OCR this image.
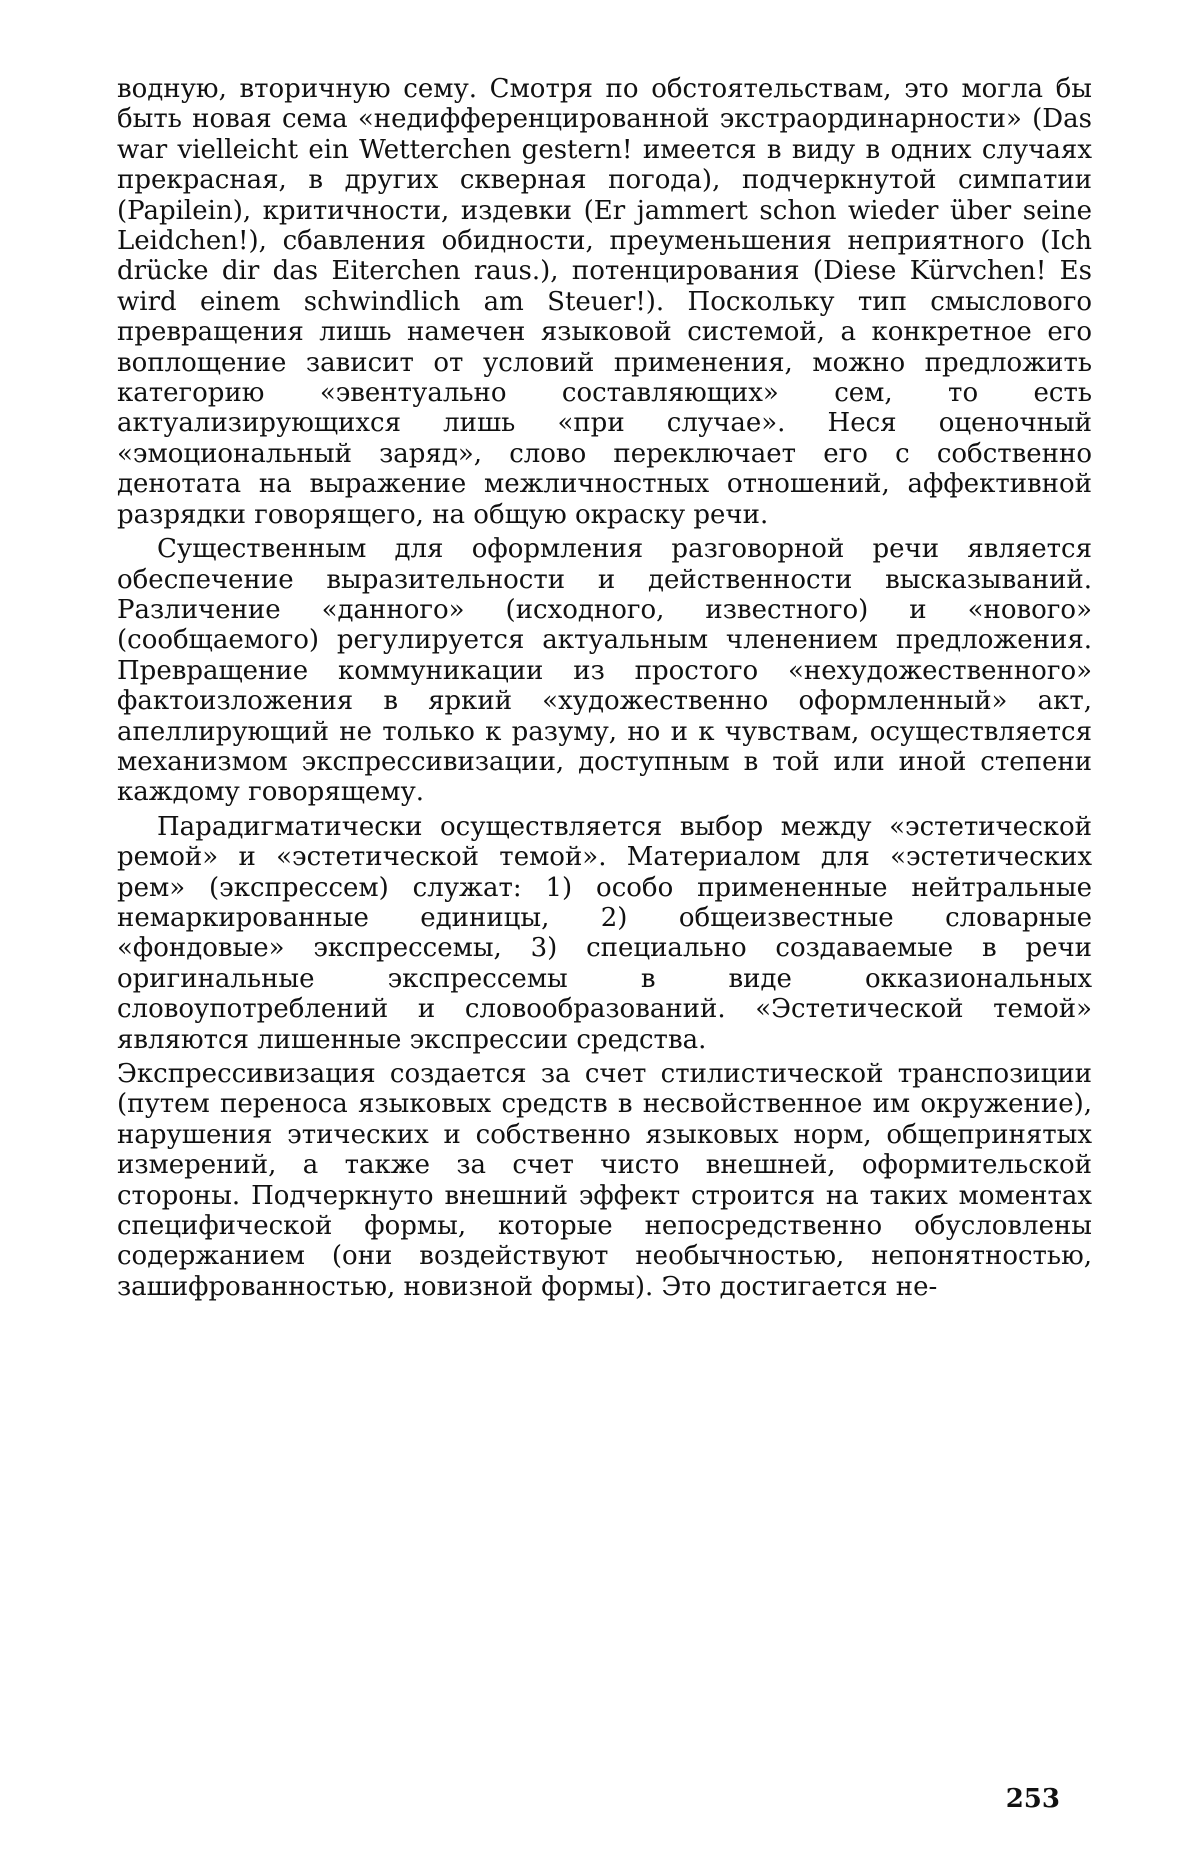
водную, вторичную сему. Смотря по обстоятельствам, это могла бы быть новая сема «недифференцированной экстраординарности» (Das war vielleicht ein Wetterchen gestern! имеется в виду в одних случаях прекрасная, в других скверная погода), подчеркнутой симпатии (Papilein), критичности, издевки (Er jammert schon wieder über seine Leidchen!), сбавления обидности, преуменьшения неприятного (Ich drücke dir das Eiterchen raus.), потенцирования (Diese Kürvchen! Es wird einem schwindlich am Steuer!). Поскольку тип смыслового превращения лишь намечен языковой системой, а конкретное его воплощение зависит от условий применения, можно предложить категорию «эвентуально составляющих» сем, то есть актуализирующихся лишь «при случае». Неся оценочный «эмоциональный заряд», слово переключает его с собственно денотата на выражение межличностных отношений, аффективной разрядки говорящего, на общую окраску речи.

Существенным для оформления разговорной речи является обеспечение выразительности и действенности высказываний. Различение «данного» (исходного, известного) и «нового» (сообщаемого) регулируется актуальным членением предложения. Превращение коммуникации из простого «нехудожественного» фактоизложения в яркий «художественно оформленный» акт, апеллирующий не только к разуму, но и к чувствам, осуществляется механизмом экспрессивизации, доступным в той или иной степени каждому говорящему.

Парадигматически осуществляется выбор между «эстетической ремой» и «эстетической темой». Материалом для «эстетических рем» (экспрессем) служат: 1) особо примененные нейтральные немаркированные единицы, 2) общеизвестные словарные «фондовые» экспрессемы, 3) специально создаваемые в речи оригинальные экспрессемы в виде окказиональных словоупотреблений и словообразований. «Эстетической темой» являются лишенные экспрессии средства.

Экспрессивизация создается за счет стилистической транспозиции (путем переноса языковых средств в несвойственное им окружение), нарушения этических и собственно языковых норм, общепринятых измерений, а также за счет чисто внешней, оформительской стороны. Подчеркнуто внешний эффект строится на таких моментах специфической формы, которые непосредственно обусловлены содержанием (они воздействуют необычностью, непонятностью, зашифрованностью, новизной формы). Это достигается не-

253
